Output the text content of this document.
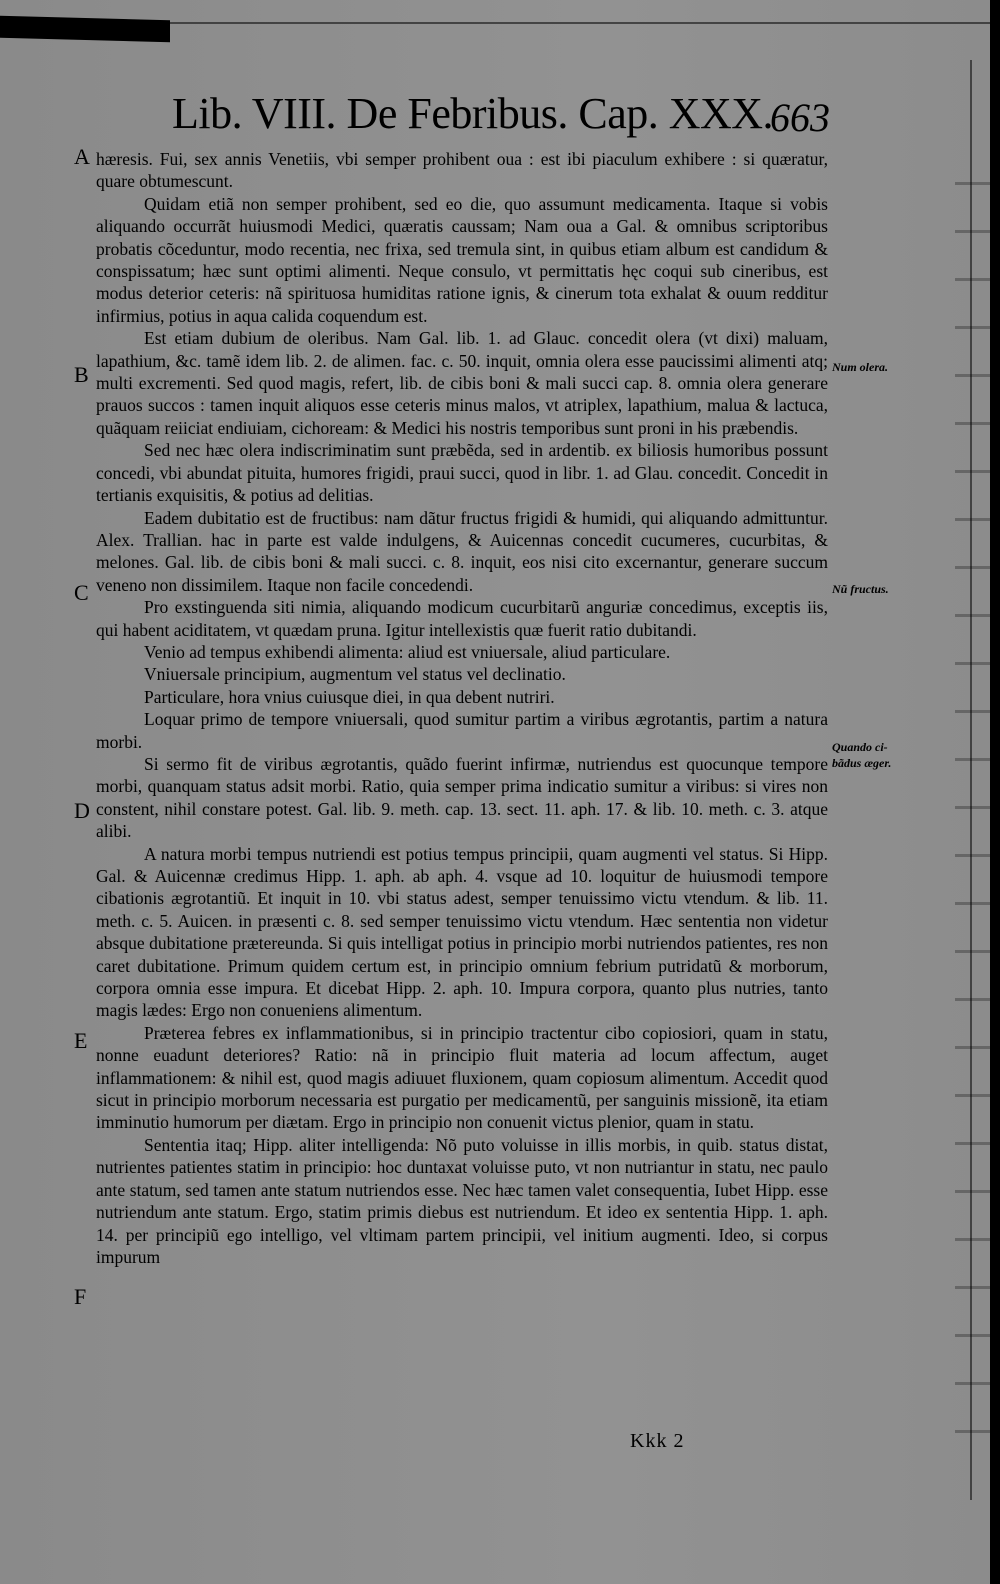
Lib. VIII. De Febribus. Cap. XXX.
663
A
B
C
D
E
F
Num olera.
Nũ fructus.
Quando ci-
bãdus æger.

hæresis. Fui, sex annis Venetiis, vbi semper prohibent oua : est ibi piaculum exhibere : si quæratur, quare obtumescunt.

Quidam etiã non semper prohibent, sed eo die, quo assumunt medicamenta. Itaque si vobis aliquando occurrãt huiusmodi Medici, quæratis caussam; Nam oua a Gal. & omnibus scriptoribus probatis cõceduntur, modo recentia, nec frixa, sed tremula sint, in quibus etiam album est candidum & conspissatum; hæc sunt optimi alimenti. Neque consulo, vt permittatis hęc coqui sub cineribus, est modus deterior ceteris: nã spirituosa humiditas ratione ignis, & cinerum tota exhalat & ouum redditur infirmius, potius in aqua calida coquendum est.

Est etiam dubium de oleribus. Nam Gal. lib. 1. ad Glauc. concedit olera (vt dixi) maluam, lapathium, &c. tamẽ idem lib. 2. de alimen. fac. c. 50. inquit, omnia olera esse paucissimi alimenti atq; multi excrementi. Sed quod magis, refert, lib. de cibis boni & mali succi cap. 8. omnia olera generare prauos succos : tamen inquit aliquos esse ceteris minus malos, vt atriplex, lapathium, malua & lactuca, quãquam reiiciat endiuiam, cichoream: & Medici his nostris temporibus sunt proni in his præbendis.

Sed nec hæc olera indiscriminatim sunt præbẽda, sed in ardentib. ex biliosis humoribus possunt concedi, vbi abundat pituita, humores frigidi, praui succi, quod in libr. 1. ad Glau. concedit. Concedit in tertianis exquisitis, & potius ad delitias.

Eadem dubitatio est de fructibus: nam dãtur fructus frigidi & humidi, qui aliquando admittuntur. Alex. Trallian. hac in parte est valde indulgens, & Auicennas concedit cucumeres, cucurbitas, & melones. Gal. lib. de cibis boni & mali succi. c. 8. inquit, eos nisi cito excernantur, generare succum veneno non dissimilem. Itaque non facile concedendi.

Pro exstinguenda siti nimia, aliquando modicum cucurbitarũ anguriæ concedimus, exceptis iis, qui habent aciditatem, vt quædam pruna. Igitur intellexistis quæ fuerit ratio dubitandi.

Venio ad tempus exhibendi alimenta: aliud est vniuersale, aliud particulare.

Vniuersale principium, augmentum vel status vel declinatio.

Particulare, hora vnius cuiusque diei, in qua debent nutriri.

Loquar primo de tempore vniuersali, quod sumitur partim a viribus ægrotantis, partim a natura morbi.

Si sermo fit de viribus ægrotantis, quãdo fuerint infirmæ, nutriendus est quocunque tempore morbi, quanquam status adsit morbi. Ratio, quia semper prima indicatio sumitur a viribus: si vires non constent, nihil constare potest. Gal. lib. 9. meth. cap. 13. sect. 11. aph. 17. & lib. 10. meth. c. 3. atque alibi.

A natura morbi tempus nutriendi est potius tempus principii, quam augmenti vel status. Si Hipp. Gal. & Auicennæ credimus Hipp. 1. aph. ab aph. 4. vsque ad 10. loquitur de huiusmodi tempore cibationis ægrotantiũ. Et inquit in 10. vbi status adest, semper tenuissimo victu vtendum. & lib. 11. meth. c. 5. Auicen. in præsenti c. 8. sed semper tenuissimo victu vtendum. Hæc sententia non videtur absque dubitatione prætereunda. Si quis intelligat potius in principio morbi nutriendos patientes, res non caret dubitatione. Primum quidem certum est, in principio omnium febrium putridatũ & morborum, corpora omnia esse impura. Et dicebat Hipp. 2. aph. 10. Impura corpora, quanto plus nutries, tanto magis lædes: Ergo non conueniens alimentum.

Præterea febres ex inflammationibus, si in principio tractentur cibo copiosiori, quam in statu, nonne euadunt deteriores? Ratio: nã in principio fluit materia ad locum affectum, auget inflammationem: & nihil est, quod magis adiuuet fluxionem, quam copiosum alimentum. Accedit quod sicut in principio morborum necessaria est purgatio per medicamentũ, per sanguinis missionẽ, ita etiam imminutio humorum per diætam. Ergo in principio non conuenit victus plenior, quam in statu.

Sententia itaq; Hipp. aliter intelligenda: Nõ puto voluisse in illis morbis, in quib. status distat, nutrientes patientes statim in principio: hoc duntaxat voluisse puto, vt non nutriantur in statu, nec paulo ante statum, sed tamen ante statum nutriendos esse. Nec hæc tamen valet consequentia, Iubet Hipp. esse nutriendum ante statum. Ergo, statim primis diebus est nutriendum. Et ideo ex sententia Hipp. 1. aph. 14. per principiũ ego intelligo, vel vltimam partem principii, vel initium augmenti. Ideo, si corpus impurum

Kkk 2
